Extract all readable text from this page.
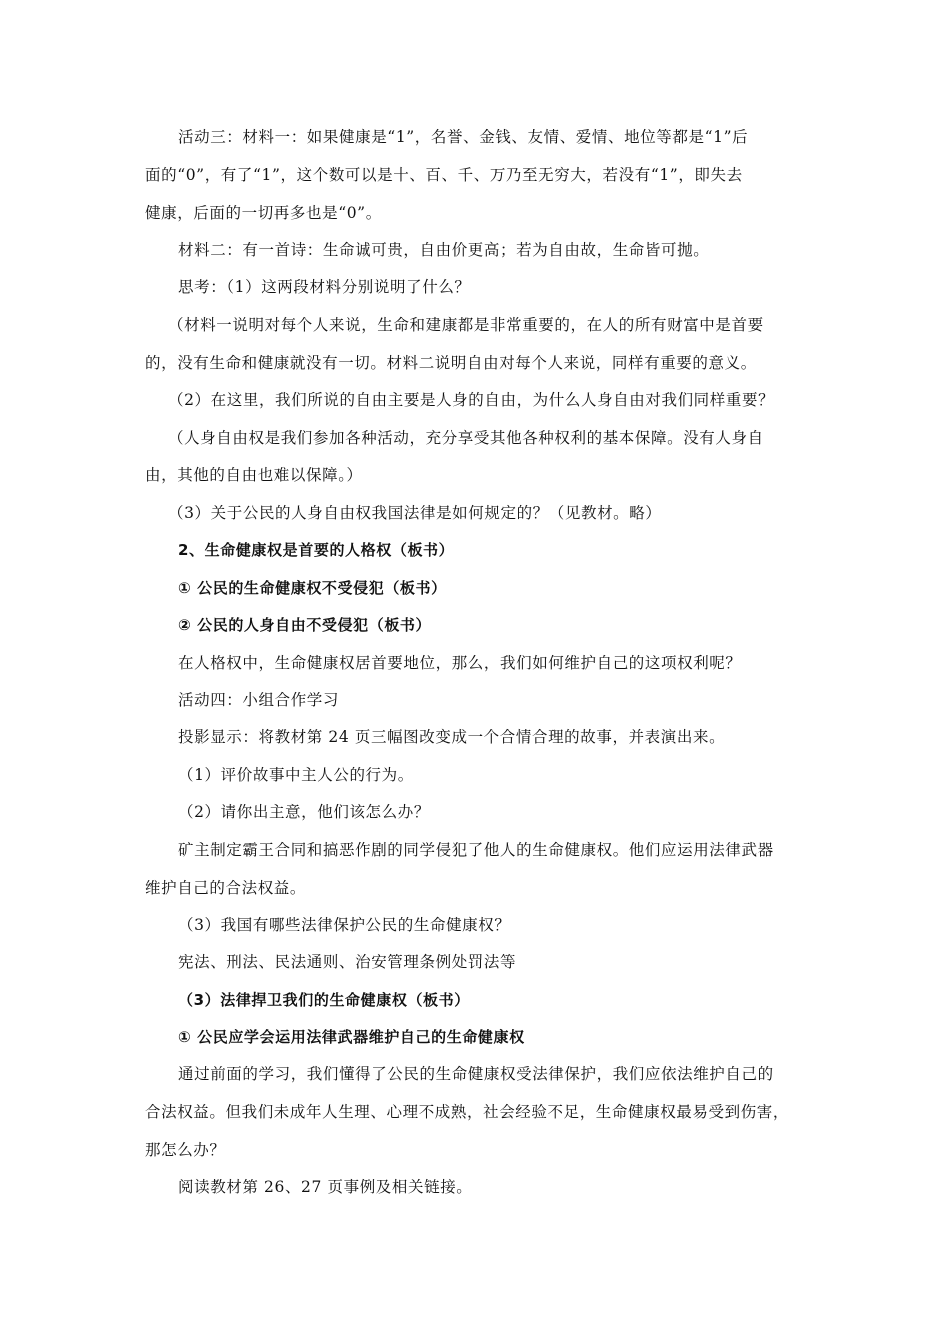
活动三：材料一：如果健康是“1”，名誉、金钱、友情、爱情、地位等都是“1”后
面的“0”，有了“1”，这个数可以是十、百、千、万乃至无穷大，若没有“1”，即失去
健康，后面的一切再多也是“0”。
材料二：有一首诗：生命诚可贵，自由价更高；若为自由故，生命皆可抛。
思考：（1）这两段材料分别说明了什么？
（材料一说明对每个人来说，生命和建康都是非常重要的，在人的所有财富中是首要
的，没有生命和健康就没有一切。材料二说明自由对每个人来说，同样有重要的意义。
（2）在这里，我们所说的自由主要是人身的自由，为什么人身自由对我们同样重要？
（人身自由权是我们参加各种活动，充分享受其他各种权利的基本保障。没有人身自
由，其他的自由也难以保障。）
（3）关于公民的人身自由权我国法律是如何规定的？（见教材。略）
2、生命健康权是首要的人格权（板书）
① 公民的生命健康权不受侵犯（板书）
② 公民的人身自由不受侵犯（板书）
在人格权中，生命健康权居首要地位，那么，我们如何维护自己的这项权利呢？
活动四：小组合作学习
投影显示：将教材第 24 页三幅图改变成一个合情合理的故事，并表演出来。
（1）评价故事中主人公的行为。
（2）请你出主意，他们该怎么办？
矿主制定霸王合同和搞恶作剧的同学侵犯了他人的生命健康权。他们应运用法律武器
维护自己的合法权益。
（3）我国有哪些法律保护公民的生命健康权？
宪法、刑法、民法通则、治安管理条例处罚法等
（3）法律捍卫我们的生命健康权（板书）
① 公民应学会运用法律武器维护自己的生命健康权
通过前面的学习，我们懂得了公民的生命健康权受法律保护，我们应依法维护自己的
合法权益。但我们未成年人生理、心理不成熟，社会经验不足，生命健康权最易受到伤害，
那怎么办？
阅读教材第 26、27 页事例及相关链接。
